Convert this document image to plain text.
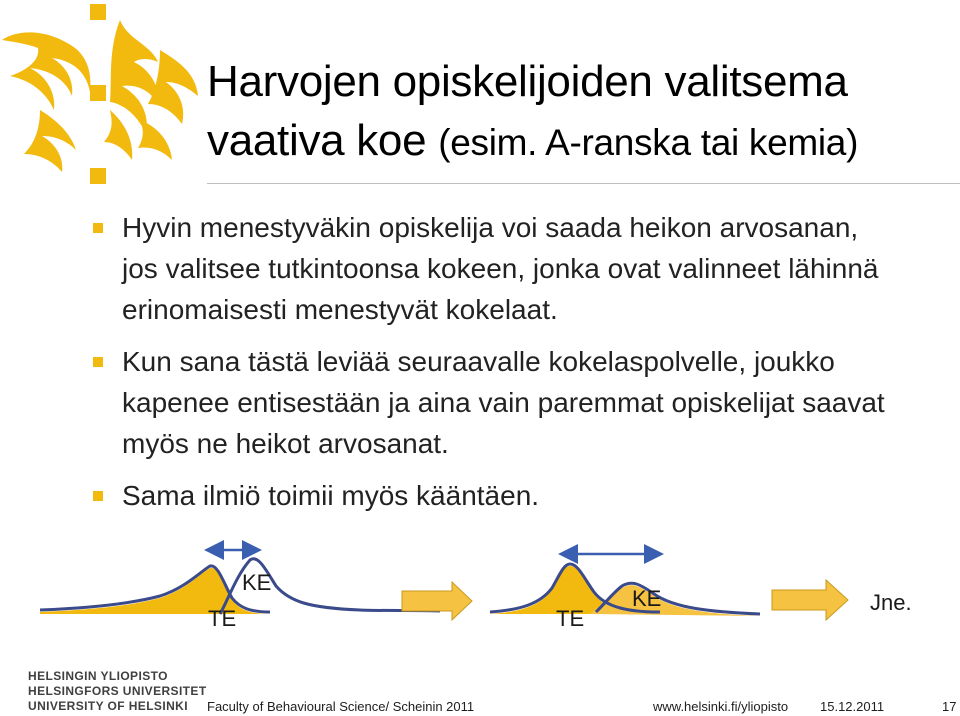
Harvojen opiskelijoiden valitsema
vaativa koe (esim. A-ranska tai kemia)
Hyvin menestyväkin opiskelija voi saada heikon arvosanan, jos valitsee tutkintoonsa kokeen, jonka ovat valinneet lähinnä erinomaisesti menestyvät kokelaat.
Kun sana tästä leviää seuraavalle kokelaspolvelle, joukko kapenee entisestään ja aina vain paremmat opiskelijat saavat myös ne heikot arvosanat.
Sama ilmiö toimii myös kääntäen.
TE
KE
TE
KE	Jne.
HELSINGIN YLIOPISTO
HELSINGFORS UNIVERSITET
UNIVERSITY OF HELSINKI	Faculty of Behavioural Science/ Scheinin 2011	www.helsinki.fi/yliopisto 15.12.2011	17
